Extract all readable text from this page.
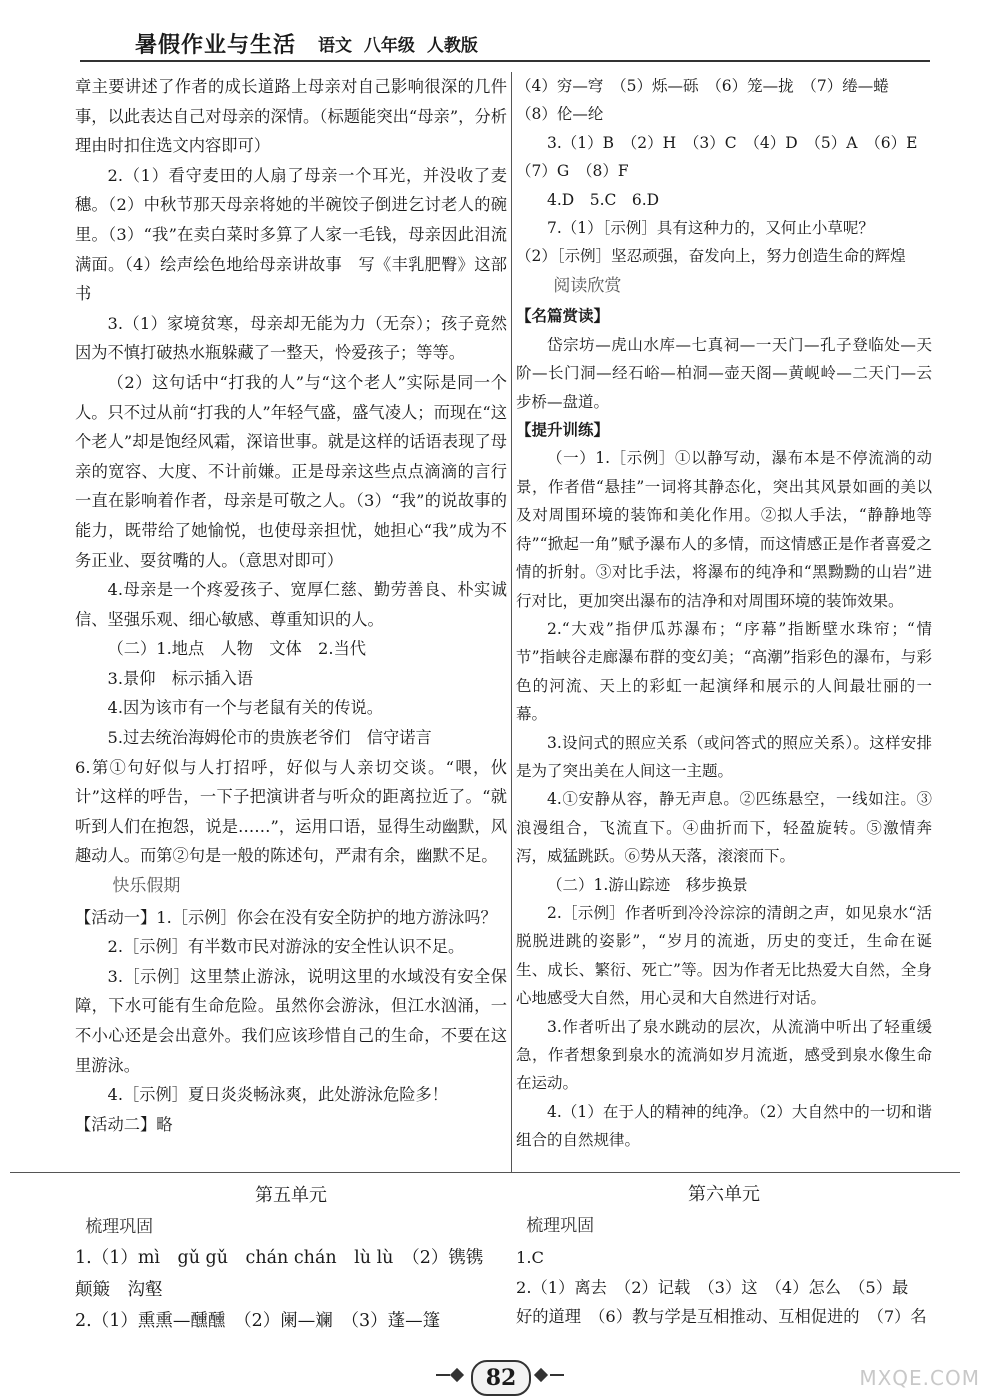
暑假作业与生活 语文 八年级 人教版

章主要讲述了作者的成长道路上母亲对自己影响很深的几件事，以此表达自己对母亲的深情。（标题能突出“母亲”，分析理由时扣住选文内容即可）

2.（1）看守麦田的人扇了母亲一个耳光，并没收了麦穗。（2）中秋节那天母亲将她的半碗饺子倒进乞讨老人的碗里。（3）“我”在卖白菜时多算了人家一毛钱，母亲因此泪流满面。（4）绘声绘色地给母亲讲故事　写《丰乳肥臀》这部书

3.（1）家境贫寒，母亲却无能为力（无奈）；孩子竟然因为不慎打破热水瓶躲藏了一整天，怜爱孩子；等等。

（2）这句话中“打我的人”与“这个老人”实际是同一个人。只不过从前“打我的人”年轻气盛，盛气凌人；而现在“这个老人”却是饱经风霜，深谙世事。就是这样的话语表现了母亲的宽容、大度、不计前嫌。正是母亲这些点点滴滴的言行一直在影响着作者，母亲是可敬之人。（3）“我”的说故事的能力，既带给了她愉悦，也使母亲担忧，她担心“我”成为不务正业、耍贫嘴的人。（意思对即可）

4.母亲是一个疼爱孩子、宽厚仁慈、勤劳善良、朴实诚信、坚强乐观、细心敏感、尊重知识的人。

（二）1.地点　人物　文体　2.当代

3.景仰　标示插入语

4.因为该市有一个与老鼠有关的传说。

5.过去统治海姆伦市的贵族老爷们　信守诺言

6.第①句好似与人打招呼，好似与人亲切交谈。“喂，伙计”这样的呼告，一下子把演讲者与听众的距离拉近了。“就听到人们在抱怨，说是……”，运用口语，显得生动幽默，风趣动人。而第②句是一般的陈述句，严肃有余，幽默不足。

快乐假期

【活动一】1.［示例］你会在没有安全防护的地方游泳吗？

2.［示例］有半数市民对游泳的安全性认识不足。

3.［示例］这里禁止游泳，说明这里的水域没有安全保障，下水可能有生命危险。虽然你会游泳，但江水汹涌，一不小心还是会出意外。我们应该珍惜自己的生命，不要在这里游泳。

4.［示例］夏日炎炎畅泳爽，此处游泳危险多！

【活动二】略

（4）穷—穹　（5）烁—砾　（6）笼—拢　（7）绻—蜷

（8）伦—纶

3.（1）B　（2）H　（3）C　（4）D　（5）A　（6）E

（7）G　（8）F

4.D　5.C　6.D

7.（1）［示例］具有这种力的，又何止小草呢？

（2）［示例］坚忍顽强，奋发向上，努力创造生命的辉煌

阅读欣赏

【名篇赏读】

岱宗坊—虎山水库—七真祠—一天门—孔子登临处—天阶—长门洞—经石峪—柏洞—壶天阁—黄岘岭—二天门—云步桥—盘道。

【提升训练】

（一）1.［示例］①以静写动，瀑布本是不停流淌的动景，作者借“悬挂”一词将其静态化，突出其风景如画的美以及对周围环境的装饰和美化作用。②拟人手法，“静静地等待”“掀起一角”赋予瀑布人的多情，而这情感正是作者喜爱之情的折射。③对比手法，将瀑布的纯净和“黑黝黝的山岩”进行对比，更加突出瀑布的洁净和对周围环境的装饰效果。

2.“大戏”指伊瓜苏瀑布；“序幕”指断壁水珠帘；“情节”指峡谷走廊瀑布群的变幻美；“高潮”指彩色的瀑布，与彩色的河流、天上的彩虹一起演绎和展示的人间最壮丽的一幕。

3.设问式的照应关系（或问答式的照应关系）。这样安排是为了突出美在人间这一主题。

4.①安静从容，静无声息。②匹练悬空，一线如注。③浪漫组合，飞流直下。④曲折而下，轻盈旋转。⑤激情奔泻，威猛跳跃。⑥势从天落，滚滚而下。

（二）1.游山踪迹　移步换景

2.［示例］作者听到冷泠淙淙的清朗之声，如见泉水“活脱脱进跳的姿影”，“岁月的流逝，历史的变迁，生命在诞生、成长、繁衍、死亡”等。因为作者无比热爱大自然，全身心地感受大自然，用心灵和大自然进行对话。

3.作者听出了泉水跳动的层次，从流淌中听出了轻重缓急，作者想象到泉水的流淌如岁月流逝，感受到泉水像生命在运动。

4.（1）在于人的精神的纯净。（2）大自然中的一切和谐组合的自然规律。

第五单元
梳理巩固

1.（1）mì　gǔ gǔ　chán chán　lù lù　（2）镌镌

颠簸　沟壑

2.（1）熏熏—醺醺　（2）阑—斓　（3）蓬—篷

第六单元
梳理巩固

1.C

2.（1）离去　（2）记载　（3）这　（4）怎么　（5）最

好的道理　（6）教与学是互相推动、互相促进的　（7）名

82	MXQE.COM
